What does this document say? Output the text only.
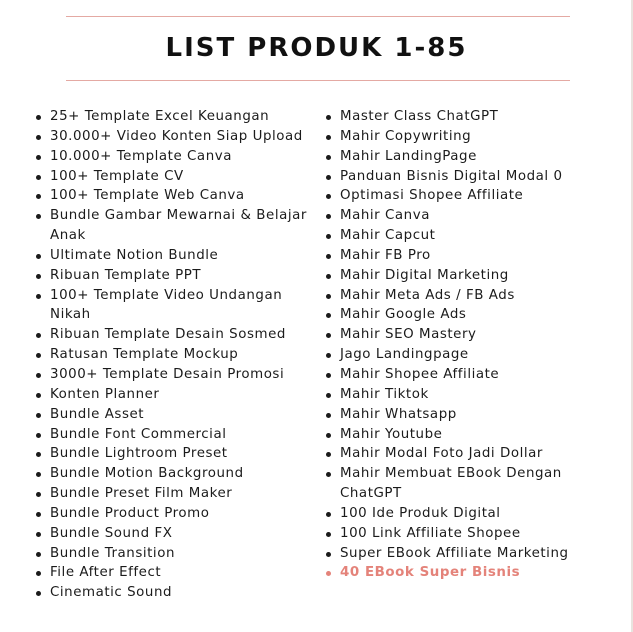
LIST PRODUK 1-85
25+ Template Excel Keuangan
30.000+ Video Konten Siap Upload
10.000+ Template Canva
100+ Template CV
100+ Template Web Canva
Bundle Gambar Mewarnai & Belajar Anak
Ultimate Notion Bundle
Ribuan Template PPT
100+ Template Video Undangan Nikah
Ribuan Template Desain Sosmed
Ratusan Template Mockup
3000+ Template Desain Promosi
Konten Planner
Bundle Asset
Bundle Font Commercial
Bundle Lightroom Preset
Bundle Motion Background
Bundle Preset Film Maker
Bundle Product Promo
Bundle Sound FX
Bundle Transition
File After Effect
Cinematic Sound
Master Class ChatGPT
Mahir Copywriting
Mahir LandingPage
Panduan Bisnis Digital Modal 0
Optimasi Shopee Affiliate
Mahir Canva
Mahir Capcut
Mahir FB Pro
Mahir Digital Marketing
Mahir Meta Ads / FB Ads
Mahir Google Ads
Mahir SEO Mastery
Jago Landingpage
Mahir Shopee Affiliate
Mahir Tiktok
Mahir Whatsapp
Mahir Youtube
Mahir Modal Foto Jadi Dollar
Mahir Membuat EBook Dengan ChatGPT
100 Ide Produk Digital
100 Link Affiliate Shopee
Super EBook Affiliate Marketing
40 EBook Super Bisnis
